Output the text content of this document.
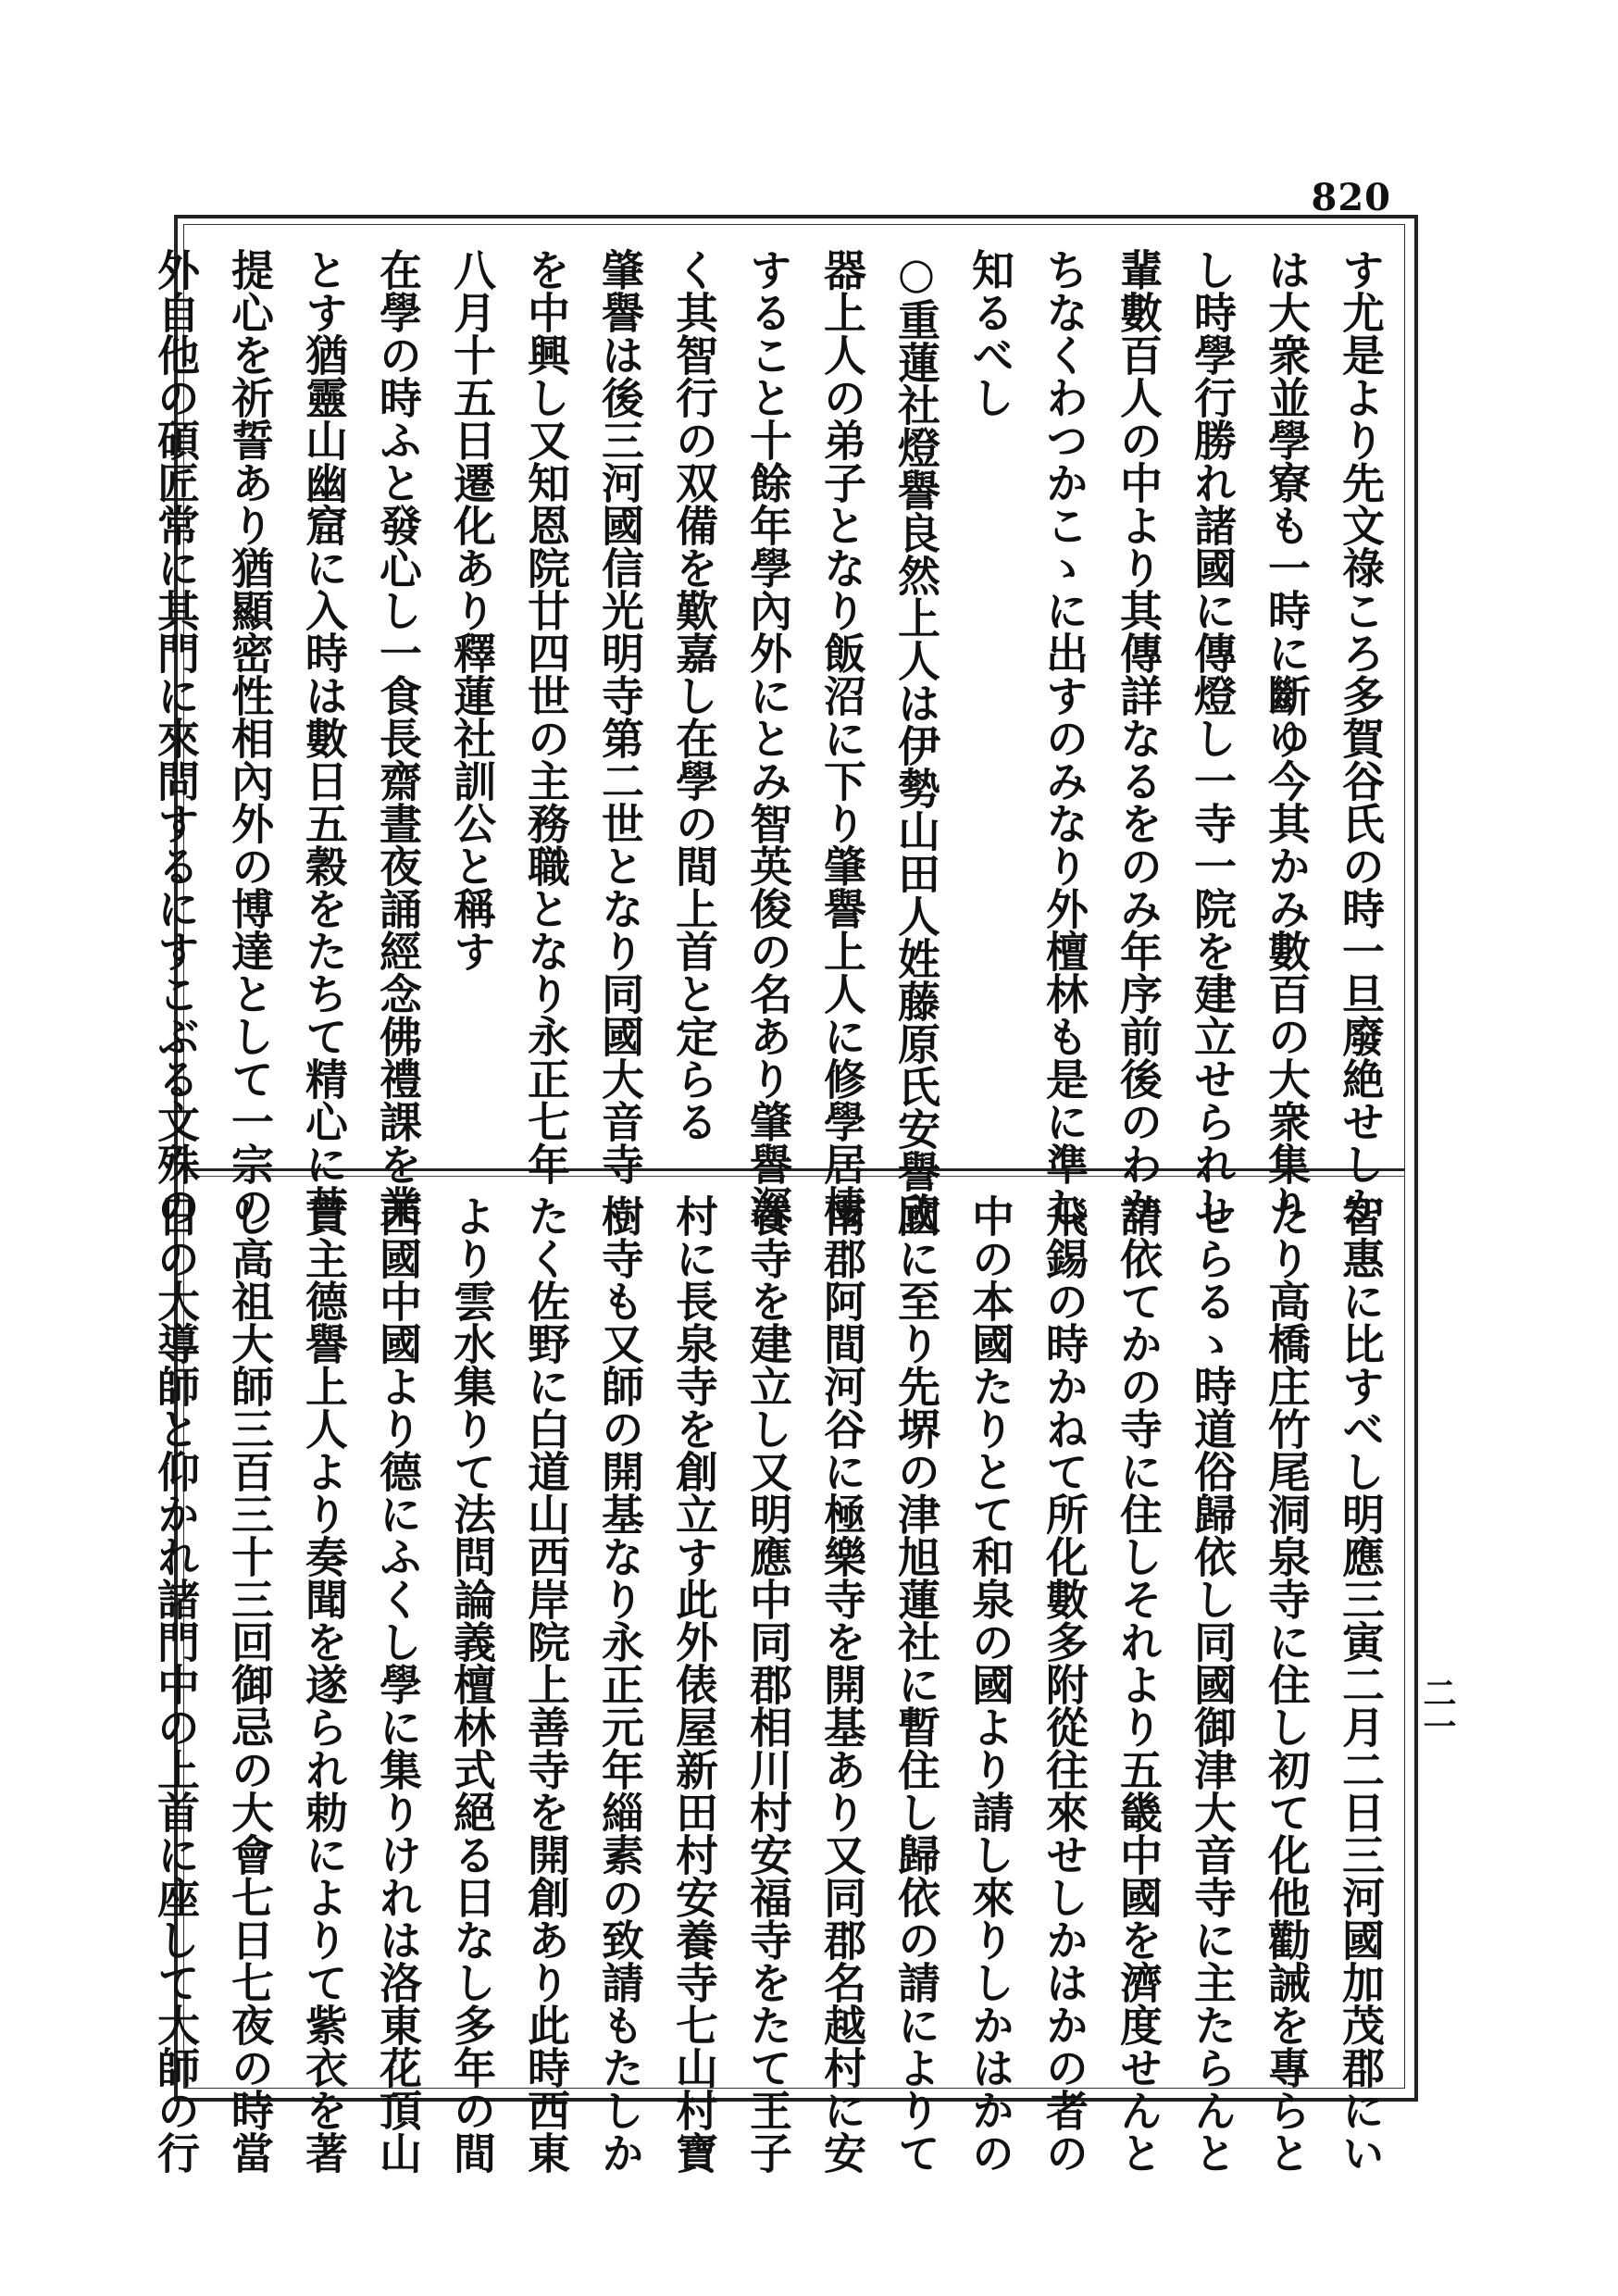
820
二一
す尤是より先文祿ころ多賀谷氏の時一旦廢絶せしか
は大衆並學寮も一時に斷ゆ今其かみ數百の大衆集り
し時學行勝れ諸國に傳燈し一寺一院を建立せられし
輩數百人の中より其傳詳なるをのみ年序前後のわか
ちなくわつかこゝに出すのみなり外檀林も是に準し
知るべし
○重蓮社燈譽良然上人は伊勢山田人姓藤原氏安譽欣
器上人の弟子となり飯沼に下り肇譽上人に修學居棲
すること十餘年學內外にとみ智英俊の名あり肇譽深
く其智行の双備を歎嘉し在學の間上首と定らる
肇譽は後三河國信光明寺第二世となり同國大音寺
を中興し又知恩院廿四世の主務職となり永正七年
八月十五日遷化あり釋蓮社訓公と稱す
在學の時ふと發心し一食長齋晝夜誦經念佛禮課を業
とす猶靈山幽窟に入時は數日五穀をたちて精心に菩
提心を祈誓あり猶顯密性相內外の博達として一宗の
外自他の碩匠常に其門に來問するにすこぶる文殊の
智惠に比すべし明應三寅二月二日三河國加茂郡にい
たり高橋庄竹尾洞泉寺に住し初て化他勸誡を專らと
せらるゝ時道俗歸依し同國御津大音寺に主たらんと
請依てかの寺に住しそれより五畿中國を濟度せんと
飛錫の時かねて所化數多附從往來せしかはかの者の
中の本國たりとて和泉の國より請し來りしかはかの
國に至り先堺の津旭蓮社に暫住し歸依の請によりて
南郡阿間河谷に極樂寺を開基あり又同郡名越村に安
養寺を建立し又明應中同郡相川村安福寺をたて王子
村に長泉寺を創立す此外俵屋新田村安養寺七山村寶
樹寺も又師の開基なり永正元年緇素の致請もたしか
たく佐野に白道山西岸院上善寺を開創あり此時西東
より雲水集りて法問論義檀林式絕る日なし多年の間
西國中國より德にふくし學に集りけれは洛東花頂山
貫主德譽上人より奏聞を遂られ勅によりて紫衣を著
し高祖大師三百三十三回御忌の大會七日七夜の時當
日の大導師と仰かれ諸門中の上首に座して大師の行
